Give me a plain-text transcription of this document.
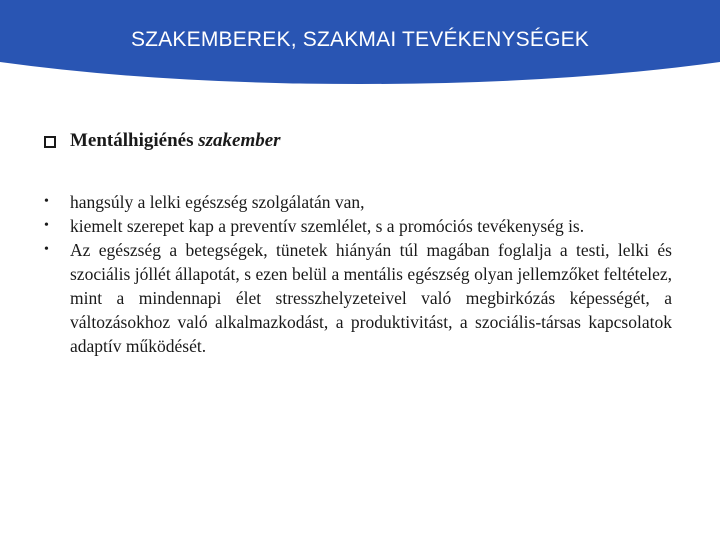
SZAKEMBEREK, SZAKMAI TEVÉKENYSÉGEK
Mentálhigiénés szakember
•	hangsúly a lelki egészség szolgálatán van,
•	kiemelt szerepet kap a preventív szemlélet, s a promóciós tevékenység is.
•	Az egészség a betegségek, tünetek hiányán túl magában foglalja a testi, lelki és szociális jóllét állapotát, s ezen belül a mentális egészség olyan jellemzőket feltételez, mint a mindennapi élet stresszhelyzeteivel való megbirkózás képességét, a változásokhoz való alkalmazkodást, a produktivitást, a szociális-társas kapcsolatok adaptív működését.
